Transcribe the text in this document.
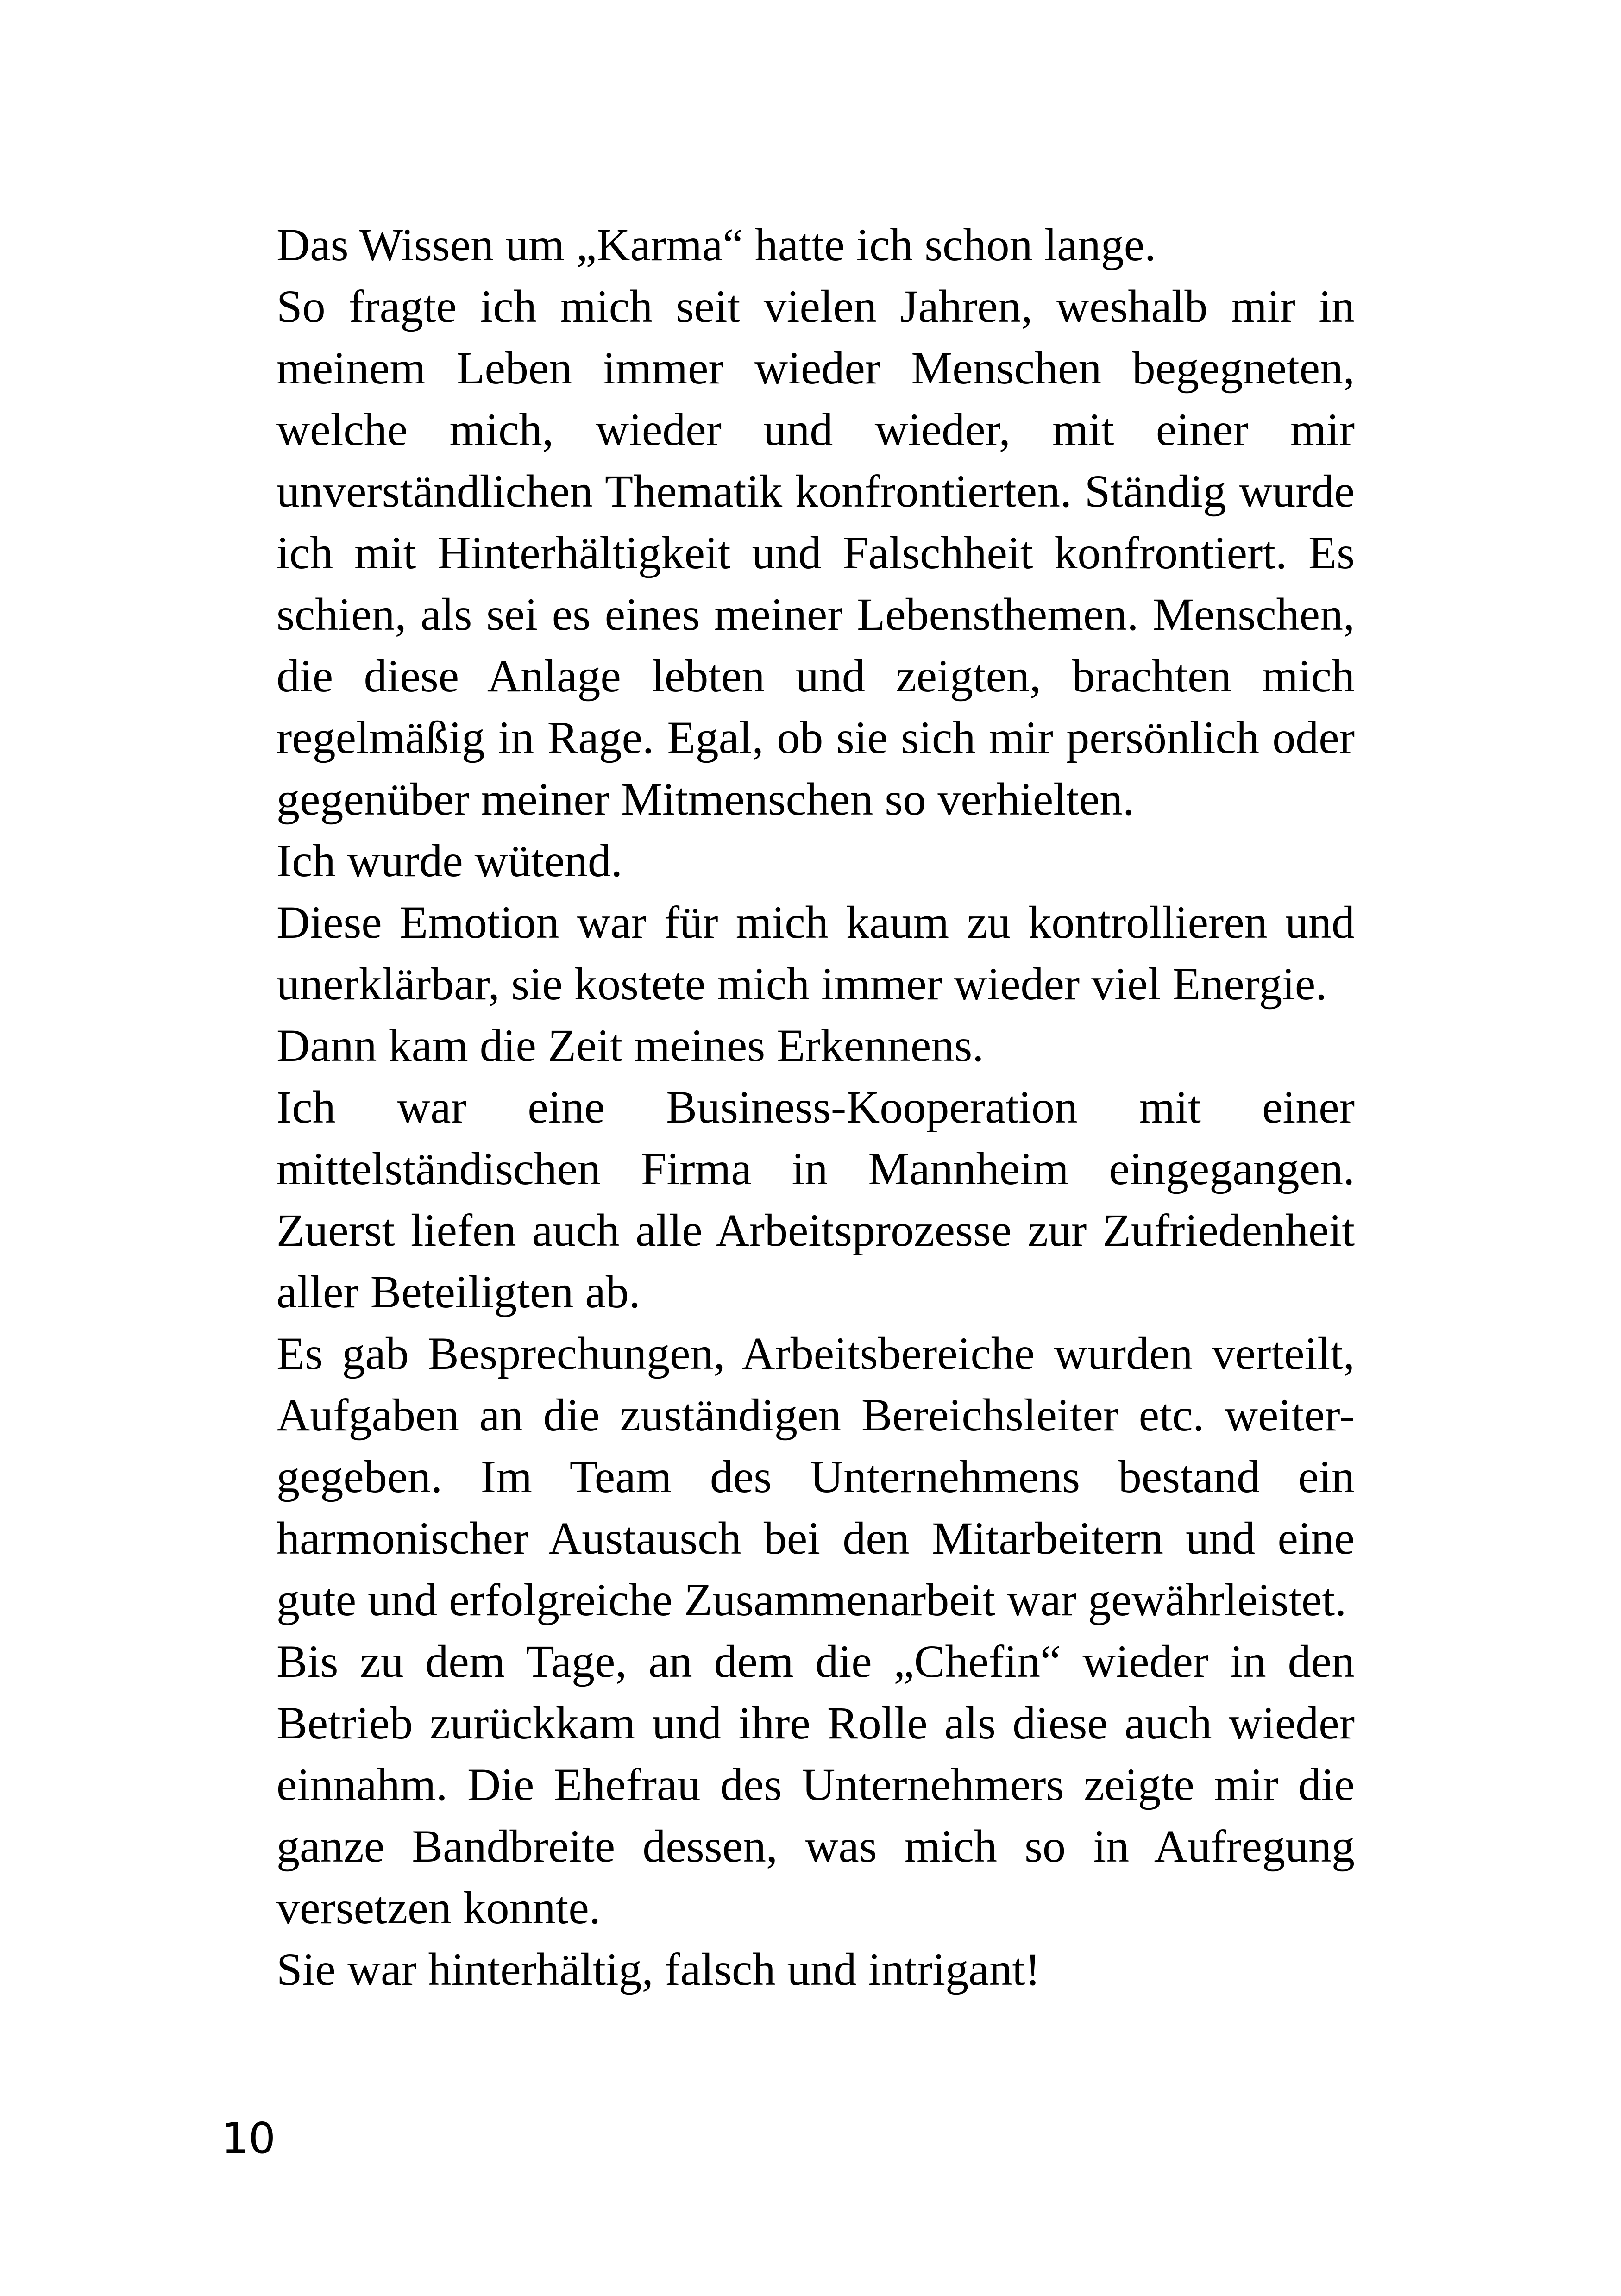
Das Wissen um „Karma“ hatte ich schon lange.
So fragte ich mich seit vielen Jahren, weshalb mir in
meinem Leben immer wieder Menschen begegneten,
welche mich, wieder und wieder, mit einer mir
unverständlichen Thematik konfrontierten. Ständig wurde
ich mit Hinterhältigkeit und Falschheit konfrontiert. Es
schien, als sei es eines meiner Lebensthemen. Menschen,
die diese Anlage lebten und zeigten, brachten mich
regelmäßig in Rage. Egal, ob sie sich mir persönlich oder
gegenüber meiner Mitmenschen so verhielten.
Ich wurde wütend.
Diese Emotion war für mich kaum zu kontrollieren und
unerklärbar, sie kostete mich immer wieder viel Energie.
Dann kam die Zeit meines Erkennens.
Ich war eine Business-Kooperation mit einer
mittelständischen Firma in Mannheim eingegangen.
Zuerst liefen auch alle Arbeitsprozesse zur Zufriedenheit
aller Beteiligten ab.
Es gab Besprechungen, Arbeitsbereiche wurden verteilt,
Aufgaben an die zuständigen Bereichsleiter etc. weiter-
gegeben. Im Team des Unternehmens bestand ein
harmonischer Austausch bei den Mitarbeitern und eine
gute und erfolgreiche Zusammenarbeit war gewährleistet.
Bis zu dem Tage, an dem die „Chefin“ wieder in den
Betrieb zurückkam und ihre Rolle als diese auch wieder
einnahm. Die Ehefrau des Unternehmers zeigte mir die
ganze Bandbreite dessen, was mich so in Aufregung
versetzen konnte.
Sie war hinterhältig, falsch und intrigant!
10
